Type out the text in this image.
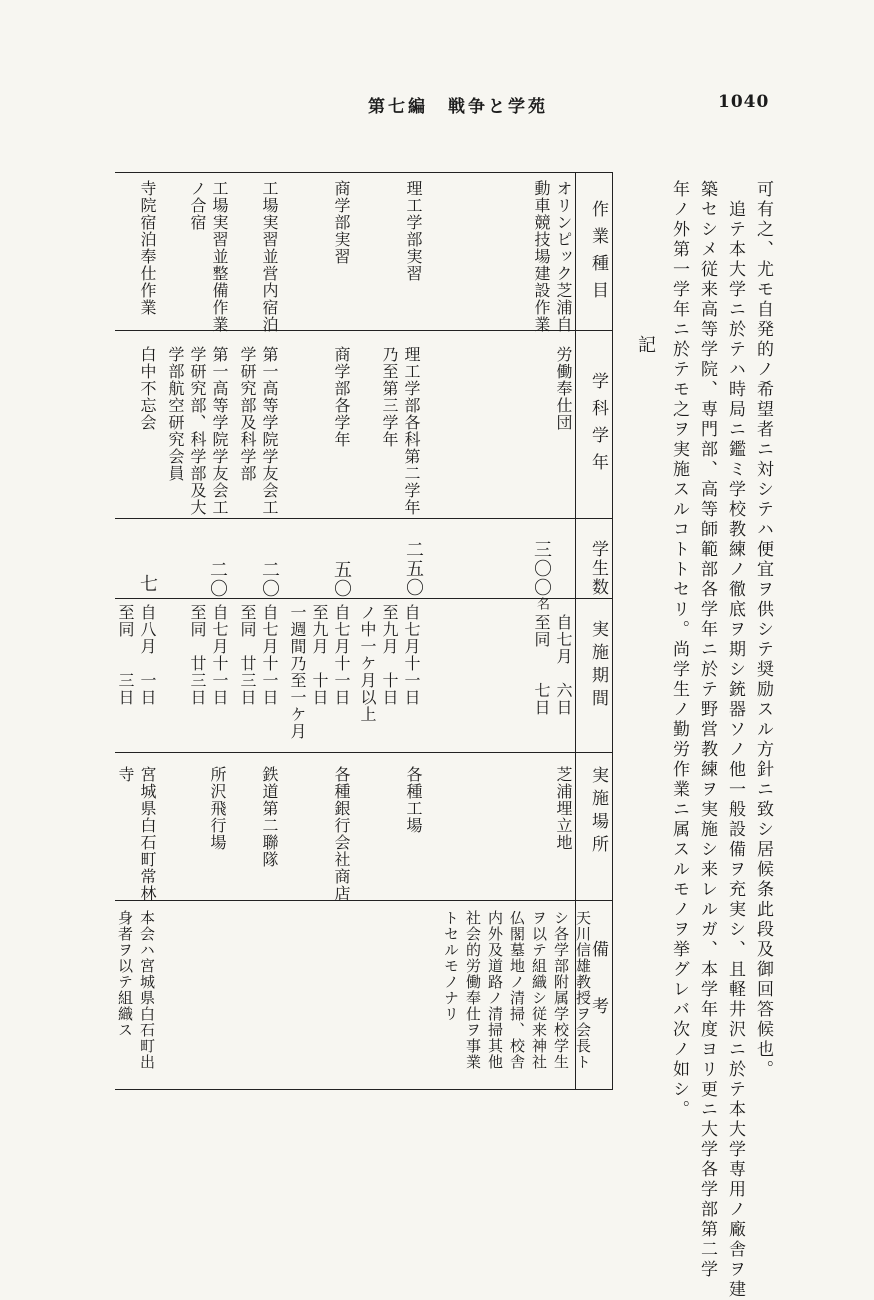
第七編　戦争と学苑	1040
可有之、尤モ自発的ノ希望者ニ対シテハ便宜ヲ供シテ奨励スル方針ニ致シ居候条此段及御回答候也。
追テ本大学ニ於テハ時局ニ鑑ミ学校教練ノ徹底ヲ期シ銃器ソノ他一般設備ヲ充実シ、且軽井沢ニ於テ本大学専用ノ廠舎ヲ建
築セシメ従来高等学院、専門部、高等師範部各学年ニ於テ野営教練ヲ実施シ来レルガ、本学年度ヨリ更ニ大学各学部第二学
年ノ外第一学年ニ於テモ之ヲ実施スルコトトセリ。尚学生ノ勤労作業ニ属スルモノヲ挙グレバ次ノ如シ。
記
作業種目
学科学年
学生数
実施期間
実施場所
備考
オリンピック芝浦自
動車競技場建設作業
労働奉仕団
三〇〇名
自七月　六日
至同　　七日
芝浦埋立地
天川信雄教授ヲ会長ト
シ各学部附属学校学生
ヲ以テ組織シ従来神社
仏閣墓地ノ清掃、校舎
内外及道路ノ清掃其他
社会的労働奉仕ヲ事業
トセルモノナリ
理工学部実習
理工学部各科第二学年
乃至第三学年
二五〇
自七月十一日
至九月　十日
ノ中一ケ月以上
各種工場
商学部実習
商学部各学年
五〇
自七月十一日
至九月　十日
一週間乃至一ケ月
各種銀行会社商店
工場実習並営内宿泊
第一高等学院学友会工
学研究部及科学部
二〇
自七月十一日
至同　廿三日
鉄道第二聯隊
工場実習並整備作業
ノ合宿
第一高等学院学友会工
学研究部、科学部及大
学部航空研究会員
二〇
自七月十一日
至同　廿三日
所沢飛行場
寺院宿泊奉仕作業
白中不忘会
七
自八月　一日
至同　　三日
宮城県白石町常林
寺
本会ハ宮城県白石町出
身者ヲ以テ組織ス
